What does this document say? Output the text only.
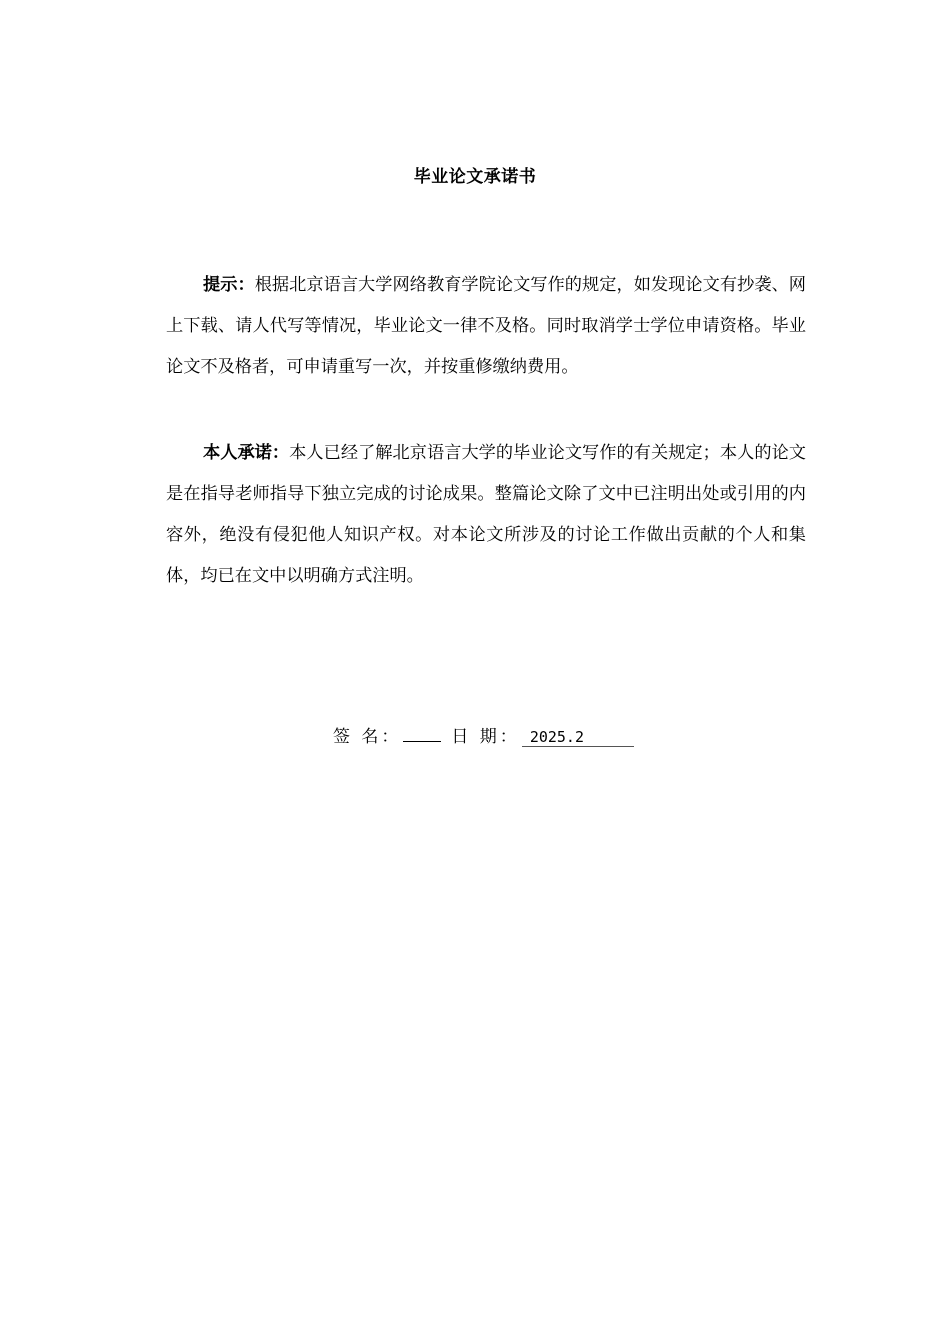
毕业论文承诺书

提示：根据北京语言大学网络教育学院论文写作的规定，如发现论文有抄袭、网上下载、请人代写等情况，毕业论文一律不及格。同时取消学士学位申请资格。毕业论文不及格者，可申请重写一次，并按重修缴纳费用。

本人承诺：本人已经了解北京语言大学的毕业论文写作的有关规定；本人的论文是在指导老师指导下独立完成的讨论成果。整篇论文除了文中已注明出处或引用的内容外，绝没有侵犯他人知识产权。对本论文所涉及的讨论工作做出贡献的个人和集体，均已在文中以明确方式注明。

签 名：	日 期： 2025.2
